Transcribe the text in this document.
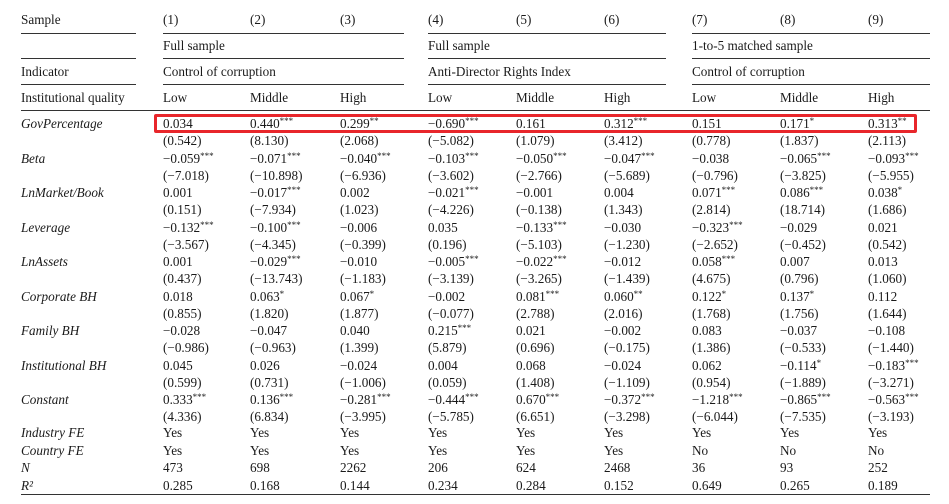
Sample	(1)	(2)	(3)	(4)	(5)	(6)	(7)	(8)	(9)
Full sample	Full sample	1-to-5 matched sample
Indicator	Control of corruption	Anti-Director Rights Index	Control of corruption
Institutional quality	Low	Middle	High	Low	Middle	High	Low	Middle	High
GovPercentage	0.034	0.440***	0.299**	−0.690***	0.161	0.312***	0.151	0.171*	0.313**
(0.542)	(8.130)	(2.068)	(−5.082)	(1.079)	(3.412)	(0.778)	(1.837)	(2.113)
Beta	−0.059***	−0.071***	−0.040***	−0.103***	−0.050***	−0.047***	−0.038	−0.065***	−0.093***
(−7.018)	(−10.898)	(−6.936)	(−3.602)	(−2.766)	(−5.689)	(−0.796)	(−3.825)	(−5.955)
LnMarket/Book	0.001	−0.017***	0.002	−0.021***	−0.001	0.004	0.071***	0.086***	0.038*
(0.151)	(−7.934)	(1.023)	(−4.226)	(−0.138)	(1.343)	(2.814)	(18.714)	(1.686)
Leverage	−0.132***	−0.100***	−0.006	0.035	−0.133***	−0.030	−0.323***	−0.029	0.021
(−3.567)	(−4.345)	(−0.399)	(0.196)	(−5.103)	(−1.230)	(−2.652)	(−0.452)	(0.542)
LnAssets	0.001	−0.029***	−0.010	−0.005***	−0.022***	−0.012	0.058***	0.007	0.013
(0.437)	(−13.743)	(−1.183)	(−3.139)	(−3.265)	(−1.439)	(4.675)	(0.796)	(1.060)
Corporate BH	0.018	0.063*	0.067*	−0.002	0.081***	0.060**	0.122*	0.137*	0.112
(0.855)	(1.820)	(1.877)	(−0.077)	(2.788)	(2.016)	(1.768)	(1.756)	(1.644)
Family BH	−0.028	−0.047	0.040	0.215***	0.021	−0.002	0.083	−0.037	−0.108
(−0.986)	(−0.963)	(1.399)	(5.879)	(0.696)	(−0.175)	(1.386)	(−0.533)	(−1.440)
Institutional BH	0.045	0.026	−0.024	0.004	0.068	−0.024	0.062	−0.114*	−0.183***
(0.599)	(0.731)	(−1.006)	(0.059)	(1.408)	(−1.109)	(0.954)	(−1.889)	(−3.271)
Constant	0.333***	0.136***	−0.281***	−0.444***	0.670***	−0.372***	−1.218***	−0.865***	−0.563***
(4.336)	(6.834)	(−3.995)	(−5.785)	(6.651)	(−3.298)	(−6.044)	(−7.535)	(−3.193)
Industry FE	Yes	Yes	Yes	Yes	Yes	Yes	Yes	Yes	Yes
Country FE	Yes	Yes	Yes	Yes	Yes	Yes	No	No	No
N	473	698	2262	206	624	2468	36	93	252
R²	0.285	0.168	0.144	0.234	0.284	0.152	0.649	0.265	0.189
